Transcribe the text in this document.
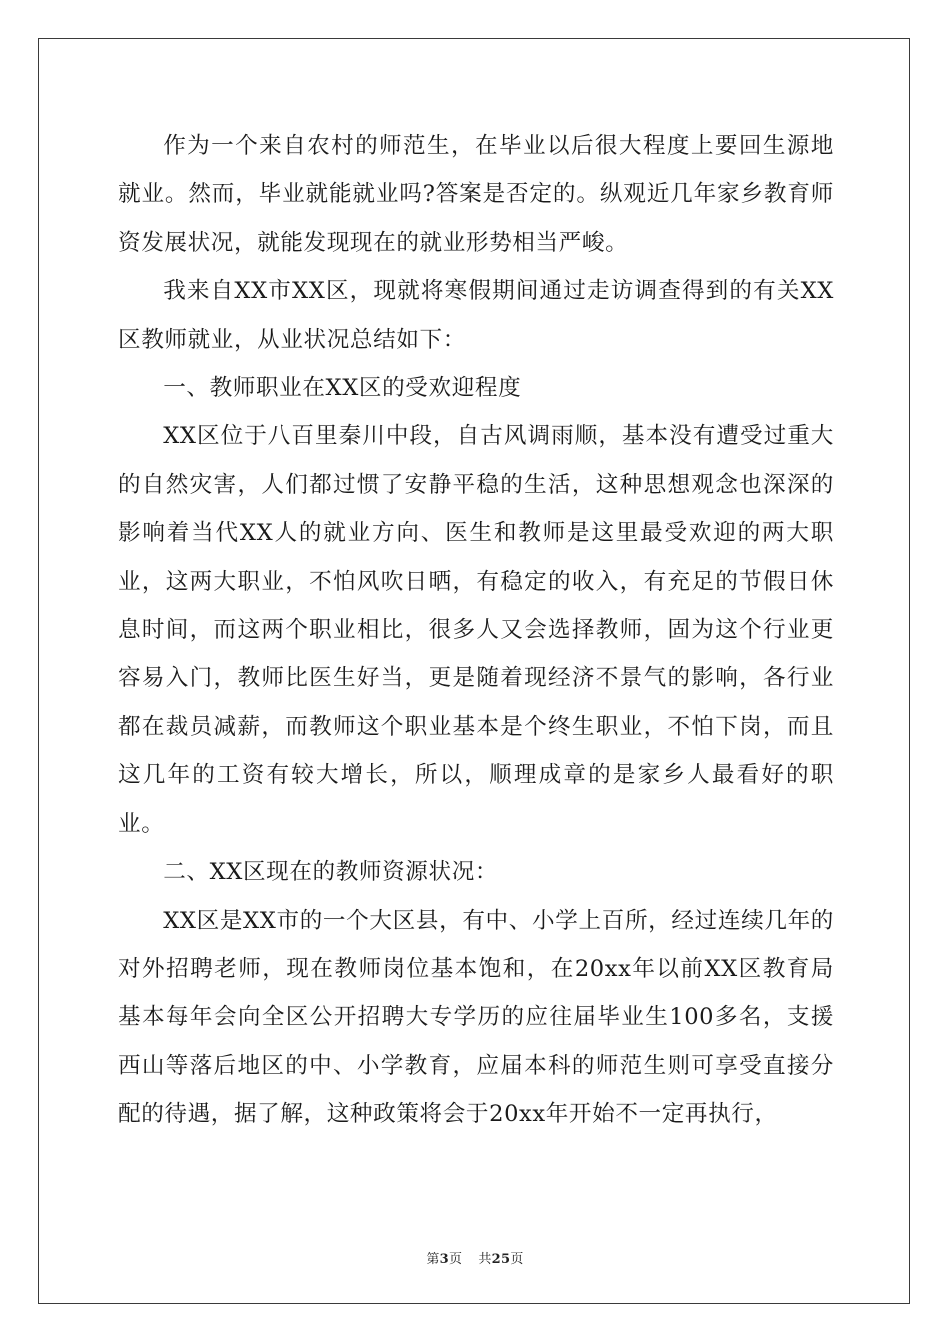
作为一个来自农村的师范生，在毕业以后很大程度上要回生源地就业。然而，毕业就能就业吗?答案是否定的。纵观近几年家乡教育师资发展状况，就能发现现在的就业形势相当严峻。

我来自XX市XX区，现就将寒假期间通过走访调查得到的有关XX区教师就业，从业状况总结如下：

一、教师职业在XX区的受欢迎程度

XX区位于八百里秦川中段，自古风调雨顺，基本没有遭受过重大的自然灾害，人们都过惯了安静平稳的生活，这种思想观念也深深的影响着当代XX人的就业方向、医生和教师是这里最受欢迎的两大职业，这两大职业，不怕风吹日晒，有稳定的收入，有充足的节假日休息时间，而这两个职业相比，很多人又会选择教师，固为这个行业更容易入门，教师比医生好当，更是随着现经济不景气的影响，各行业都在裁员减薪，而教师这个职业基本是个终生职业，不怕下岗，而且这几年的工资有较大增长，所以，顺理成章的是家乡人最看好的职业。

二、XX区现在的教师资源状况：

XX区是XX市的一个大区县，有中、小学上百所，经过连续几年的对外招聘老师，现在教师岗位基本饱和，在20xx年以前XX区教育局基本每年会向全区公开招聘大专学历的应往届毕业生100多名，支援西山等落后地区的中、小学教育，应届本科的师范生则可享受直接分配的待遇，据了解，这种政策将会于20xx年开始不一定再执行，

第3页 共25页
